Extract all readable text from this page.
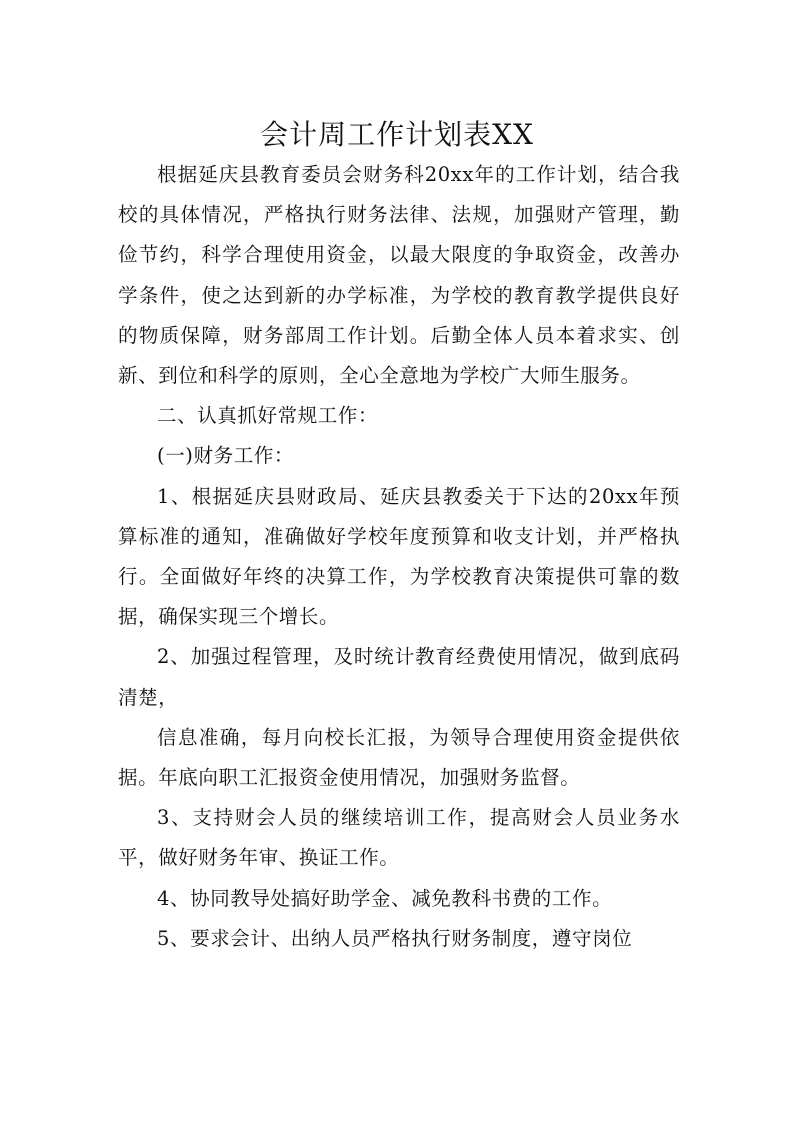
会计周工作计划表XX

根据延庆县教育委员会财务科20xx年的工作计划，结合我校的具体情况，严格执行财务法律、法规，加强财产管理，勤俭节约，科学合理使用资金，以最大限度的争取资金，改善办学条件，使之达到新的办学标准，为学校的教育教学提供良好的物质保障，财务部周工作计划。后勤全体人员本着求实、创新、到位和科学的原则，全心全意地为学校广大师生服务。

二、认真抓好常规工作：

(一)财务工作：

1、根据延庆县财政局、延庆县教委关于下达的20xx年预算标准的通知，准确做好学校年度预算和收支计划，并严格执行。全面做好年终的决算工作，为学校教育决策提供可靠的数据，确保实现三个增长。

2、加强过程管理，及时统计教育经费使用情况，做到底码清楚，

信息准确，每月向校长汇报，为领导合理使用资金提供依据。年底向职工汇报资金使用情况，加强财务监督。

3、支持财会人员的继续培训工作，提高财会人员业务水平，做好财务年审、换证工作。

4、协同教导处搞好助学金、减免教科书费的工作。

5、要求会计、出纳人员严格执行财务制度，遵守岗位
